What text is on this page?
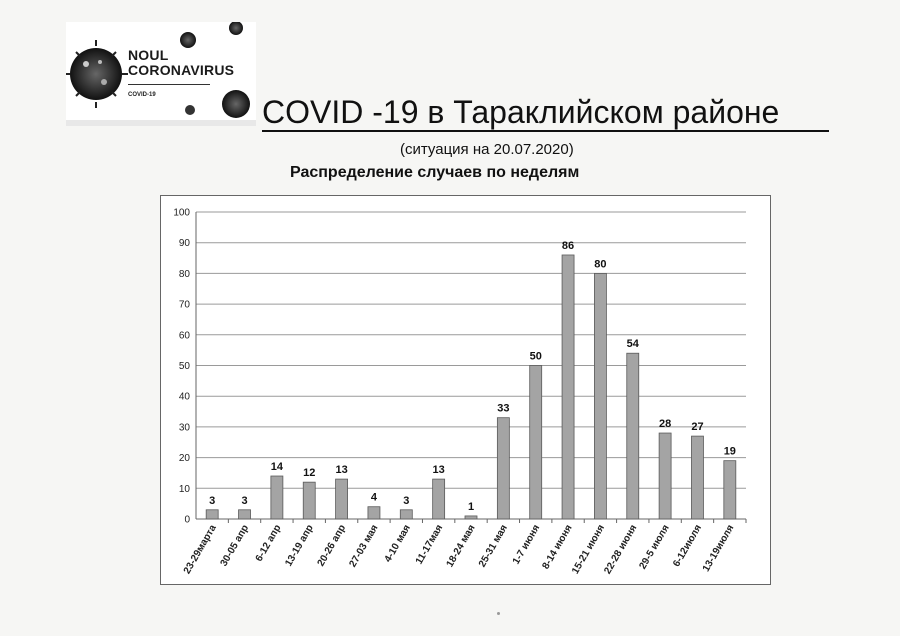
NOUL
CORONAVIRUS
COVID-19	COVID -19 в Тараклийском районе
(ситуация на 20.07.2020)
Распределение случаев по неделям
0
10
20
30
40
50
60
70
80
90
100
3
23-29марта
3
30-05 апр
14
6-12 апр
12
13-19 апр
13
20-26 апр
4
27-03 мая
3
4-10 мая
13
11-17мая
1
18-24 мая
33
25-31 мая
50
1-7 июня
86
8-14 июня
80
15-21 июня
54
22-28 июня
28
29-5 июля
27
6-12июля
19
13-19июля
